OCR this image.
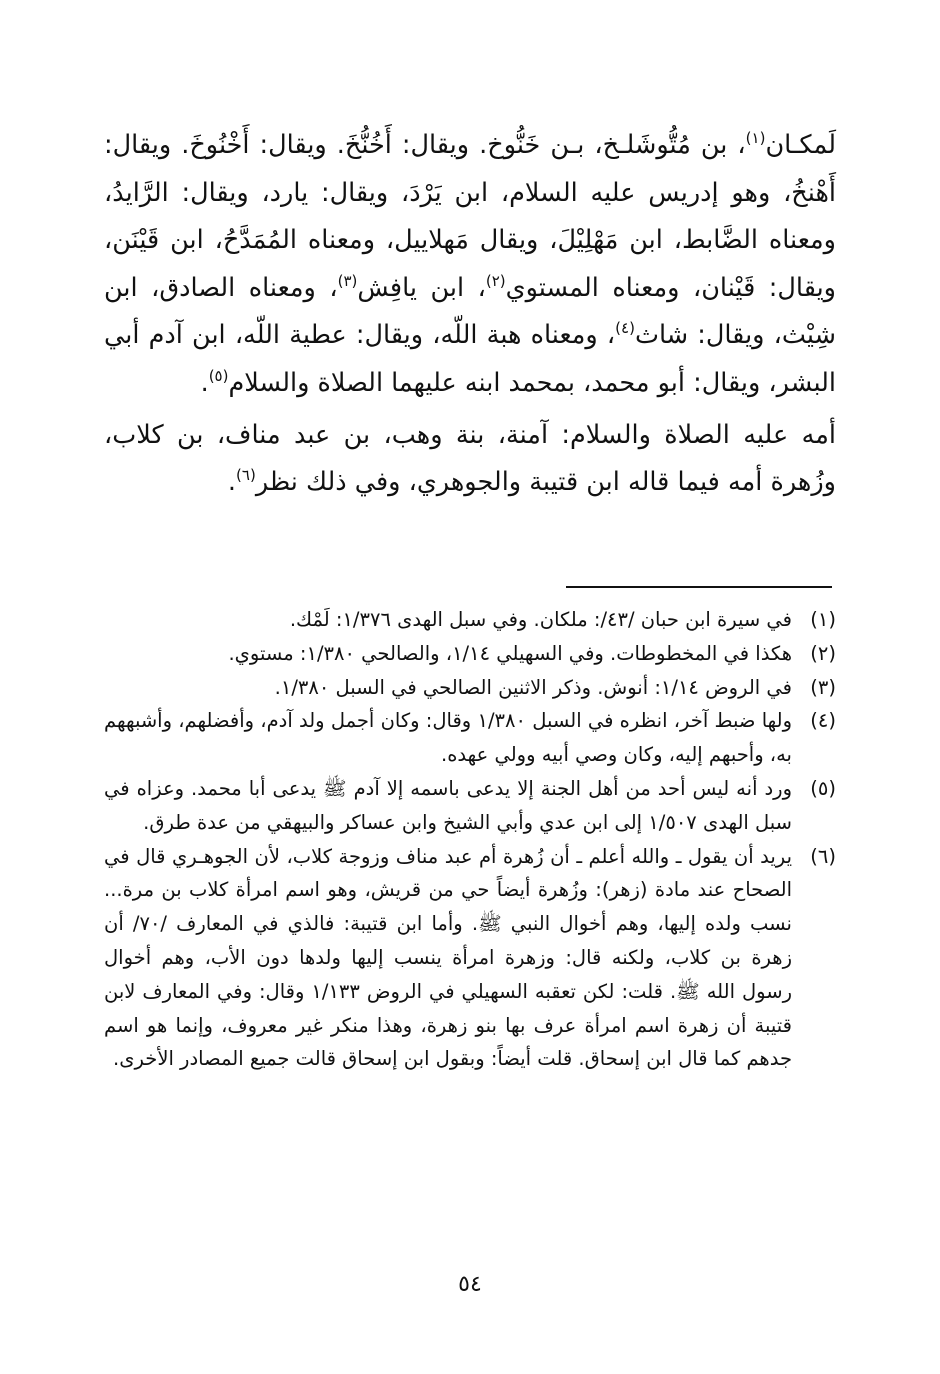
لَمكـان$^{(١)}$، بن مُتُّوشَلـخ، بـن خَنُّوخ. ويقال: أَخُنُّخَ. ويقال: أَخْنُوخَ. ويقال: أَهْنخُ، وهو إدريس عليه السلام، ابن يَرْدَ، ويقال: يارد، ويقال: الرَّايدُ، ومعناه الضَّابط، ابن مَهْلِيْلَ، ويقال مَهلاييل، ومعناه المُمَدَّحُ، ابن قَيْنَن، ويقال: قَيْنان، ومعناه المستوي$^{(٢)}$، ابن يافِش$^{(٣)}$، ومعناه الصادق، ابن شِيْث، ويقال: شاث$^{(٤)}$، ومعناه هبة اللّه، ويقال: عطية اللّه، ابن آدم أبي البشر، ويقال: أبو محمد، بمحمد ابنه عليهما الصلاة والسلام$^{(٥)}$.

أمه عليه الصلاة والسلام: آمنة، بنة وهب، بن عبد مناف، بن كلاب، وزُهرة أمه فيما قاله ابن قتيبة والجوهري، وفي ذلك نظر$^{(٦)}$.

(١)
في سيرة ابن حبان /٤٣/: ملكان. وفي سبل الهدى ١/٣٧٦: لَمْك.
(٢)
هكذا في المخطوطات. وفي السهيلي ١/١٤، والصالحي ١/٣٨٠: مستوي.
(٣)
في الروض ١/١٤: أنوش. وذكر الاثنين الصالحي في السبل ١/٣٨٠.
(٤)
ولها ضبط آخر، انظره في السبل ١/٣٨٠ وقال: وكان أجمل ولد آدم، وأفضلهم، وأشبههم به، وأحبهم إليه، وكان وصي أبيه وولي عهده.
(٥)
ورد أنه ليس أحد من أهل الجنة إلا يدعى باسمه إلا آدم ﷺ يدعى أبا محمد. وعزاه في سبل الهدى ١/٥٠٧ إلى ابن عدي وأبي الشيخ وابن عساكر والبيهقي من عدة طرق.
(٦)
يريد أن يقول ـ والله أعلم ـ أن زُهرة أم عبد مناف وزوجة كلاب، لأن الجوهـري قال في الصحاح عند مادة (زهر): وزُهرة أيضاً حي من قريش، وهو اسم امرأة كلاب بن مرة... نسب ولده إليها، وهم أخوال النبي ﷺ. وأما ابن قتيبة: فالذي في المعارف /٧٠/ أن زهرة بن كلاب، ولكنه قال: وزهرة امرأة ينسب إليها ولدها دون الأب، وهم أخوال رسول الله ﷺ. قلت: لكن تعقبه السهيلي في الروض ١/١٣٣ وقال: وفي المعارف لابن قتيبة أن زهرة اسم امرأة عرف بها بنو زهرة، وهذا منكر غير معروف، وإنما هو اسم جدهم كما قال ابن إسحاق. قلت أيضاً: وبقول ابن إسحاق قالت جميع المصادر الأخرى.
٥٤
